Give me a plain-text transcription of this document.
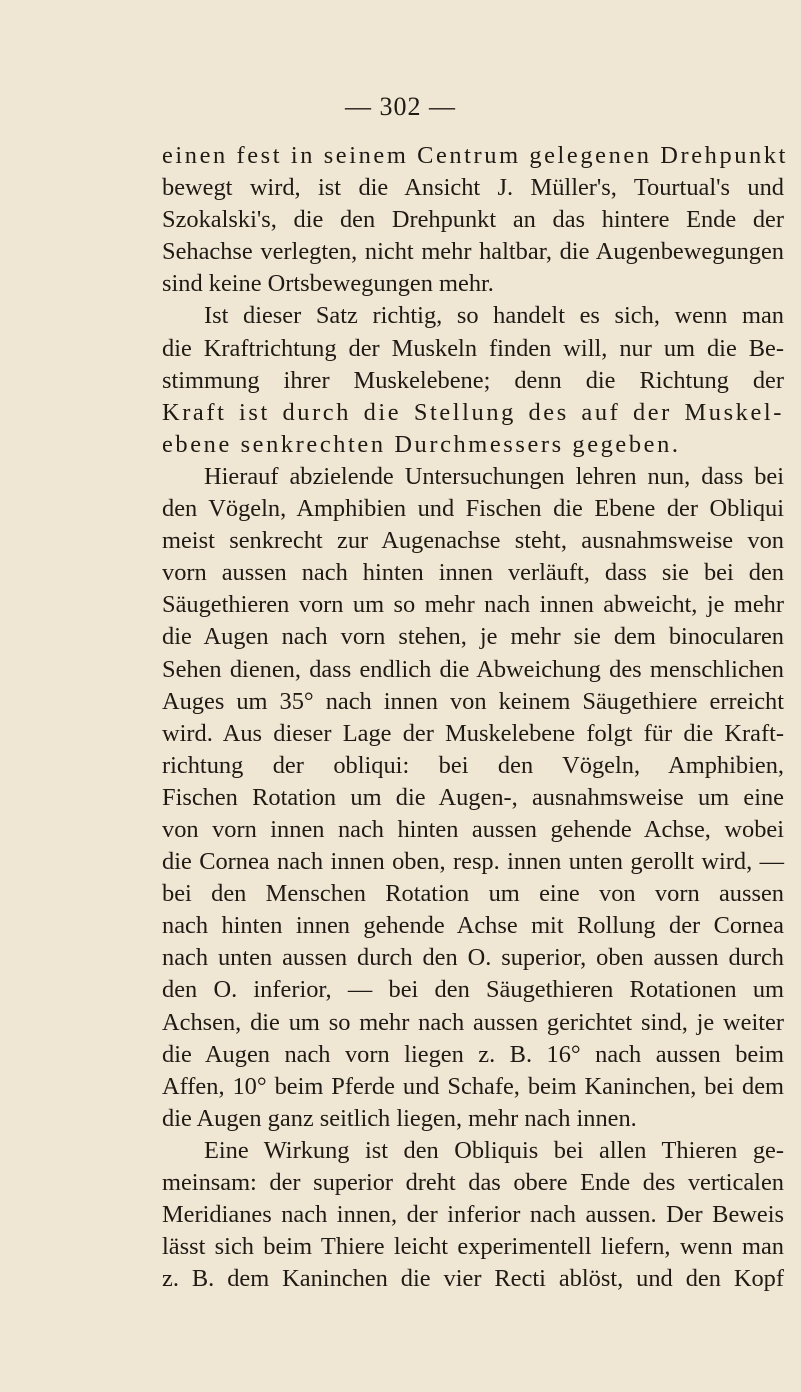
— 302 —
einen fest in seinem Centrum gelegenen Drehpunkt
bewegt wird, ist die Ansicht J. Müller's, Tourtual's und
Szokalski's, die den Drehpunkt an das hintere Ende der
Sehachse verlegten, nicht mehr haltbar, die Augenbewegungen
sind keine Ortsbewegungen mehr.
Ist dieser Satz richtig, so handelt es sich, wenn man
die Kraftrichtung der Muskeln finden will, nur um die Be-
stimmung ihrer Muskelebene; denn die Richtung der
Kraft ist durch die Stellung des auf der Muskel-
ebene senkrechten Durchmessers gegeben.
Hierauf abzielende Untersuchungen lehren nun, dass bei
den Vögeln, Amphibien und Fischen die Ebene der Obliqui
meist senkrecht zur Augenachse steht, ausnahmsweise von
vorn aussen nach hinten innen verläuft, dass sie bei den
Säugethieren vorn um so mehr nach innen abweicht, je mehr
die Augen nach vorn stehen, je mehr sie dem binocularen
Sehen dienen, dass endlich die Abweichung des menschlichen
Auges um 35° nach innen von keinem Säugethiere erreicht
wird. Aus dieser Lage der Muskelebene folgt für die Kraft-
richtung der obliqui: bei den Vögeln, Amphibien,
Fischen Rotation um die Augen-, ausnahmsweise um eine
von vorn innen nach hinten aussen gehende Achse, wobei
die Cornea nach innen oben, resp. innen unten gerollt wird, —
bei den Menschen Rotation um eine von vorn aussen
nach hinten innen gehende Achse mit Rollung der Cornea
nach unten aussen durch den O. superior, oben aussen durch
den O. inferior, — bei den Säugethieren Rotationen um
Achsen, die um so mehr nach aussen gerichtet sind, je weiter
die Augen nach vorn liegen z. B. 16° nach aussen beim
Affen, 10° beim Pferde und Schafe, beim Kaninchen, bei dem
die Augen ganz seitlich liegen, mehr nach innen.
Eine Wirkung ist den Obliquis bei allen Thieren ge-
meinsam: der superior dreht das obere Ende des verticalen
Meridianes nach innen, der inferior nach aussen. Der Beweis
lässt sich beim Thiere leicht experimentell liefern, wenn man
z. B. dem Kaninchen die vier Recti ablöst, und den Kopf
